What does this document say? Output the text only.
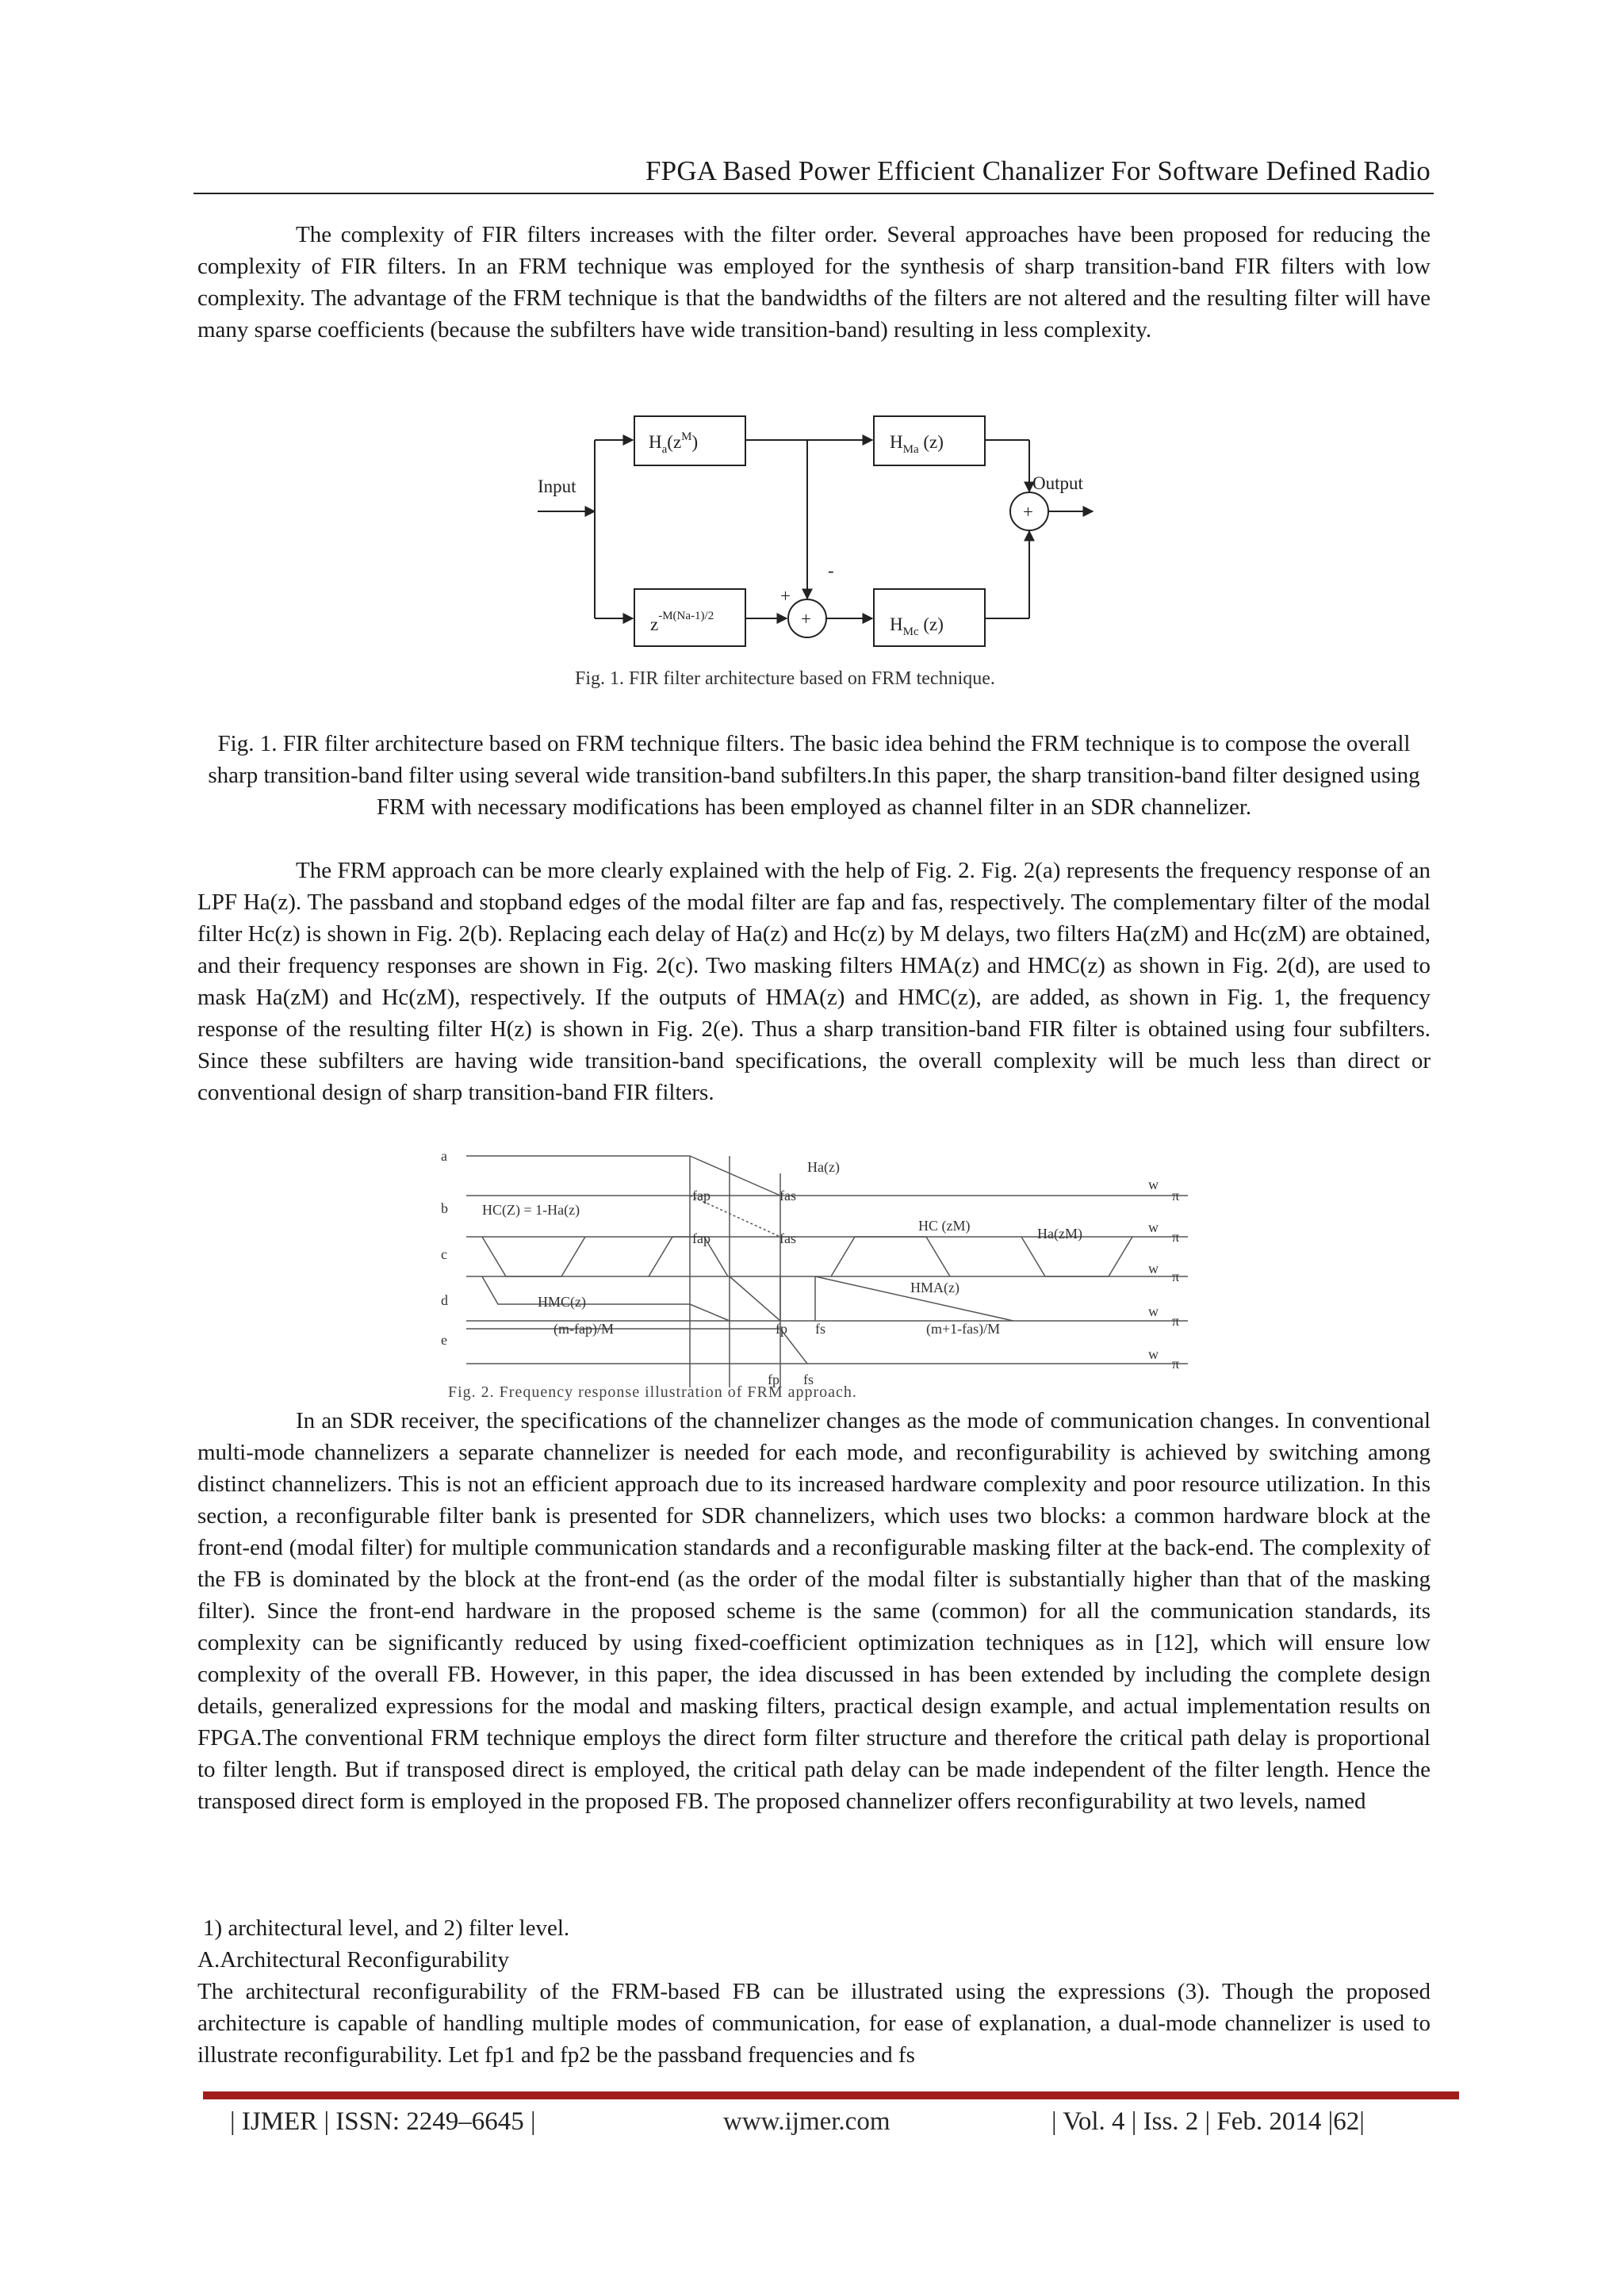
FPGA Based Power Efficient Chanalizer For Software Defined Radio

The complexity of FIR filters increases with the filter order. Several approaches have been proposed for reducing the complexity of FIR filters. In an FRM technique was employed for the synthesis of sharp transition-band FIR filters with low complexity. The advantage of the FRM technique is that the bandwidths of the filters are not altered and the resulting filter will have many sparse coefficients (because the subfilters have wide transition-band) resulting in less complexity.

Input	Output
$H_a(z^M)$	$H_{Ma}$ (z)
$z^{-M(Na-1)/2}$	$H_{Mc}$ (z)
+
+
+
-
Fig. 1. FIR filter architecture based on FRM technique.

Fig. 1. FIR filter architecture based on FRM technique filters. The basic idea behind the FRM technique is to compose the overall sharp transition-band filter using several wide transition-band subfilters.In this paper, the sharp transition-band filter designed using FRM with necessary modifications has been employed as channel filter in an SDR channelizer.

The FRM approach can be more clearly explained with the help of Fig. 2. Fig. 2(a) represents the frequency response of an LPF Ha(z). The passband and stopband edges of the modal filter are fap and fas, respectively. The complementary filter of the modal filter Hc(z) is shown in Fig. 2(b). Replacing each delay of Ha(z) and Hc(z) by M delays, two filters Ha(zM) and Hc(zM) are obtained, and their frequency responses are shown in Fig. 2(c). Two masking filters HMA(z) and HMC(z) as shown in Fig. 2(d), are used to mask Ha(zM) and Hc(zM), respectively. If the outputs of HMA(z) and HMC(z), are added, as shown in Fig. 1, the frequency response of the resulting filter H(z) is shown in Fig. 2(e). Thus a sharp transition-band FIR filter is obtained using four subfilters. Since these subfilters are having wide transition-band specifications, the overall complexity will be much less than direct or conventional design of sharp transition-band FIR filters.

a
b
c
d
e
Ha(z)
HC(Z) = 1-Ha(z)
fap	fas
fap	fas
HC (zM)	Ha(zM)
HMA(z)
HMC(z)
(m-fap)/M	fp fs	(m+1-fas)/M
fp fs
w
π
w
π
w π
w
π
w
π
Fig. 2. Frequency response illustration of FRM approach.

In an SDR receiver, the specifications of the channelizer changes as the mode of communication changes. In conventional multi-mode channelizers a separate channelizer is needed for each mode, and reconfigurability is achieved by switching among distinct channelizers. This is not an efficient approach due to its increased hardware complexity and poor resource utilization. In this section, a reconfigurable filter bank is presented for SDR channelizers, which uses two blocks: a common hardware block at the front-end (modal filter) for multiple communication standards and a reconfigurable masking filter at the back-end. The complexity of the FB is dominated by the block at the front-end (as the order of the modal filter is substantially higher than that of the masking filter). Since the front-end hardware in the proposed scheme is the same (common) for all the communication standards, its complexity can be significantly reduced by using fixed-coefficient optimization techniques as in [12], which will ensure low complexity of the overall FB. However, in this paper, the idea discussed in has been extended by including the complete design details, generalized expressions for the modal and masking filters, practical design example, and actual implementation results on FPGA.The conventional FRM technique employs the direct form filter structure and therefore the critical path delay is proportional to filter length. But if transposed direct is employed, the critical path delay can be made independent of the filter length. Hence the transposed direct form is employed in the proposed FB. The proposed channelizer offers reconfigurability at two levels, named

1) architectural level, and 2) filter level.

A.Architectural Reconfigurability

The architectural reconfigurability of the FRM-based FB can be illustrated using the expressions (3). Though the proposed architecture is capable of handling multiple modes of communication, for ease of explanation, a dual-mode channelizer is used to illustrate reconfigurability. Let fp1 and fp2 be the passband frequencies and fs

| IJMER | ISSN: 2249–6645 |	www.ijmer.com	| Vol. 4 | Iss. 2 | Feb. 2014 |62|
